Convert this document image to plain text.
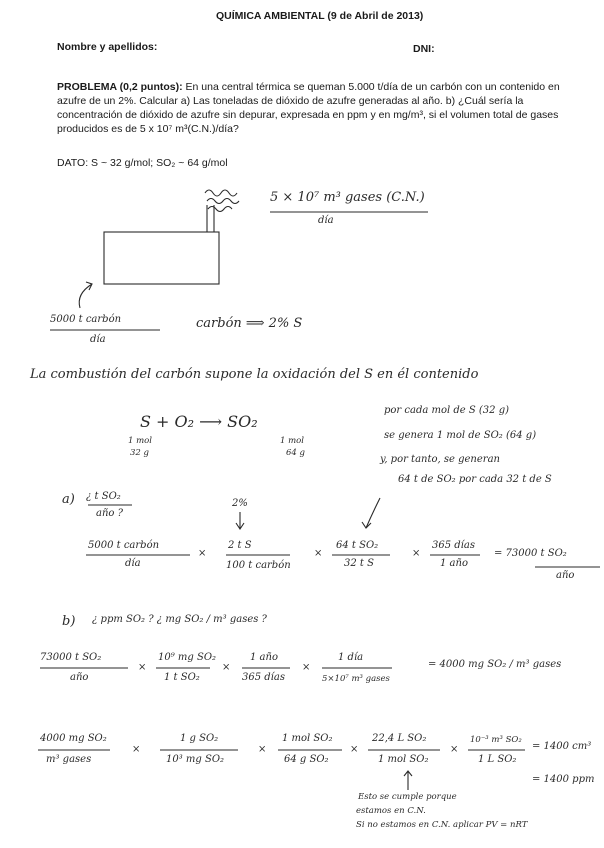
QUÍMICA AMBIENTAL (9 de Abril de 2013)
Nombre y apellidos:	DNI:
PROBLEMA (0,2 puntos): En una central térmica se queman 5.000 t/día de un carbón con un contenido en
azufre de un 2%. Calcular a) Las toneladas de dióxido de azufre generadas al año. b) ¿Cuál sería la
concentración de dióxido de azufre sin depurar, expresada en ppm y en mg/m³, si el volumen total de gases
producidos es de 5 x 10⁷ m³(C.N.)/día?
DATO: S ~ 32 g/mol; SO₂ ~ 64 g/mol
5 × 10⁷ m³ gases (C.N.)
día
5000 t carbón
día
carbón ⟹ 2% S
La combustión del carbón supone la oxidación del S en él contenido
S + O₂ ⟶ SO₂
1 mol
32 g
1 mol
64 g
por cada mol de S (32 g)
se genera 1 mol de SO₂ (64 g)
y, por tanto, se generan
64 t de SO₂ por cada 32 t de S
a) ¿ t SO₂
año ?
2%
5000 t carbón
día
×
2 t S
100 t carbón
×
64 t SO₂
32 t S
×
365 días
1 año
= 73000 t SO₂
año
b) ¿ ppm SO₂ ? ¿ mg SO₂ / m³ gases ?
73000 t SO₂
año
×
10⁹ mg SO₂
1 t SO₂
×
1 año
365 días
×
1 día
5×10⁷ m³ gases
= 4000 mg SO₂ / m³ gases
4000 mg SO₂
m³ gases
×
1 g SO₂
10³ mg SO₂
×
1 mol SO₂
64 g SO₂
×
22,4 L SO₂
1 mol SO₂
×
10⁻³ m³ SO₂
1 L SO₂
= 1400 cm³
= 1400 ppm
Esto se cumple porque
estamos en C.N.
Si no estamos en C.N. aplicar PV = nRT
